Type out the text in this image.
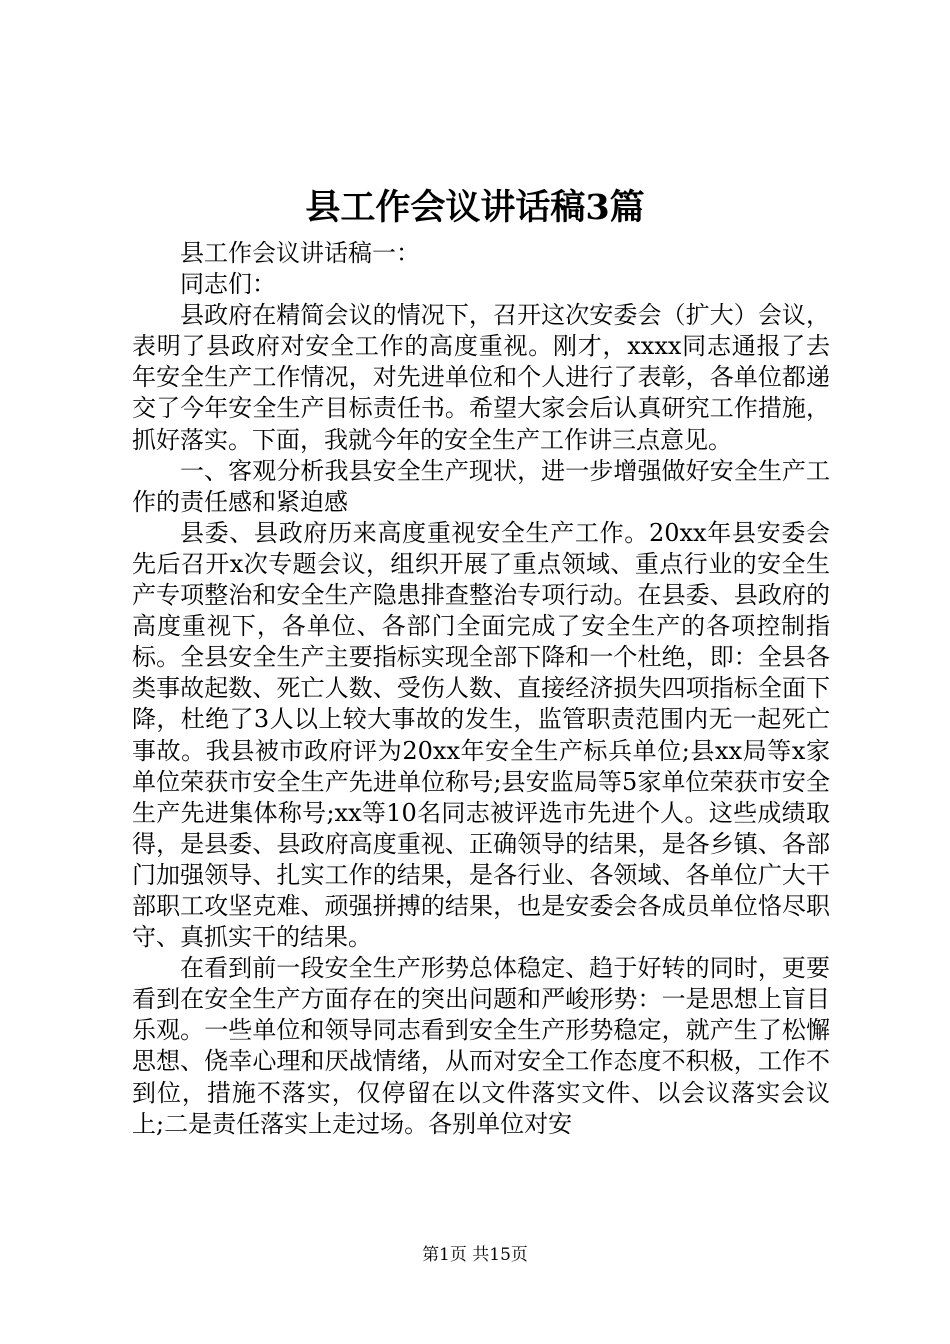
县工作会议讲话稿3篇

县工作会议讲话稿一：

同志们：

县政府在精简会议的情况下，召开这次安委会（扩大）会议，表明了县政府对安全工作的高度重视。刚才，xxxx同志通报了去年安全生产工作情况，对先进单位和个人进行了表彰，各单位都递交了今年安全生产目标责任书。希望大家会后认真研究工作措施，抓好落实。下面，我就今年的安全生产工作讲三点意见。

一、客观分析我县安全生产现状，进一步增强做好安全生产工作的责任感和紧迫感

县委、县政府历来高度重视安全生产工作。20xx年县安委会先后召开x次专题会议，组织开展了重点领域、重点行业的安全生产专项整治和安全生产隐患排查整治专项行动。在县委、县政府的高度重视下，各单位、各部门全面完成了安全生产的各项控制指标。全县安全生产主要指标实现全部下降和一个杜绝，即：全县各类事故起数、死亡人数、受伤人数、直接经济损失四项指标全面下降，杜绝了3人以上较大事故的发生，监管职责范围内无一起死亡事故。我县被市政府评为20xx年安全生产标兵单位;县xx局等x家单位荣获市安全生产先进单位称号;县安监局等5家单位荣获市安全生产先进集体称号;xx等10名同志被评选市先进个人。这些成绩取得，是县委、县政府高度重视、正确领导的结果，是各乡镇、各部门加强领导、扎实工作的结果，是各行业、各领域、各单位广大干部职工攻坚克难、顽强拼搏的结果，也是安委会各成员单位恪尽职守、真抓实干的结果。

在看到前一段安全生产形势总体稳定、趋于好转的同时，更要看到在安全生产方面存在的突出问题和严峻形势：一是思想上盲目乐观。一些单位和领导同志看到安全生产形势稳定，就产生了松懈思想、侥幸心理和厌战情绪，从而对安全工作态度不积极，工作不到位，措施不落实，仅停留在以文件落实文件、以会议落实会议上;二是责任落实上走过场。各别单位对安

第1页 共15页
